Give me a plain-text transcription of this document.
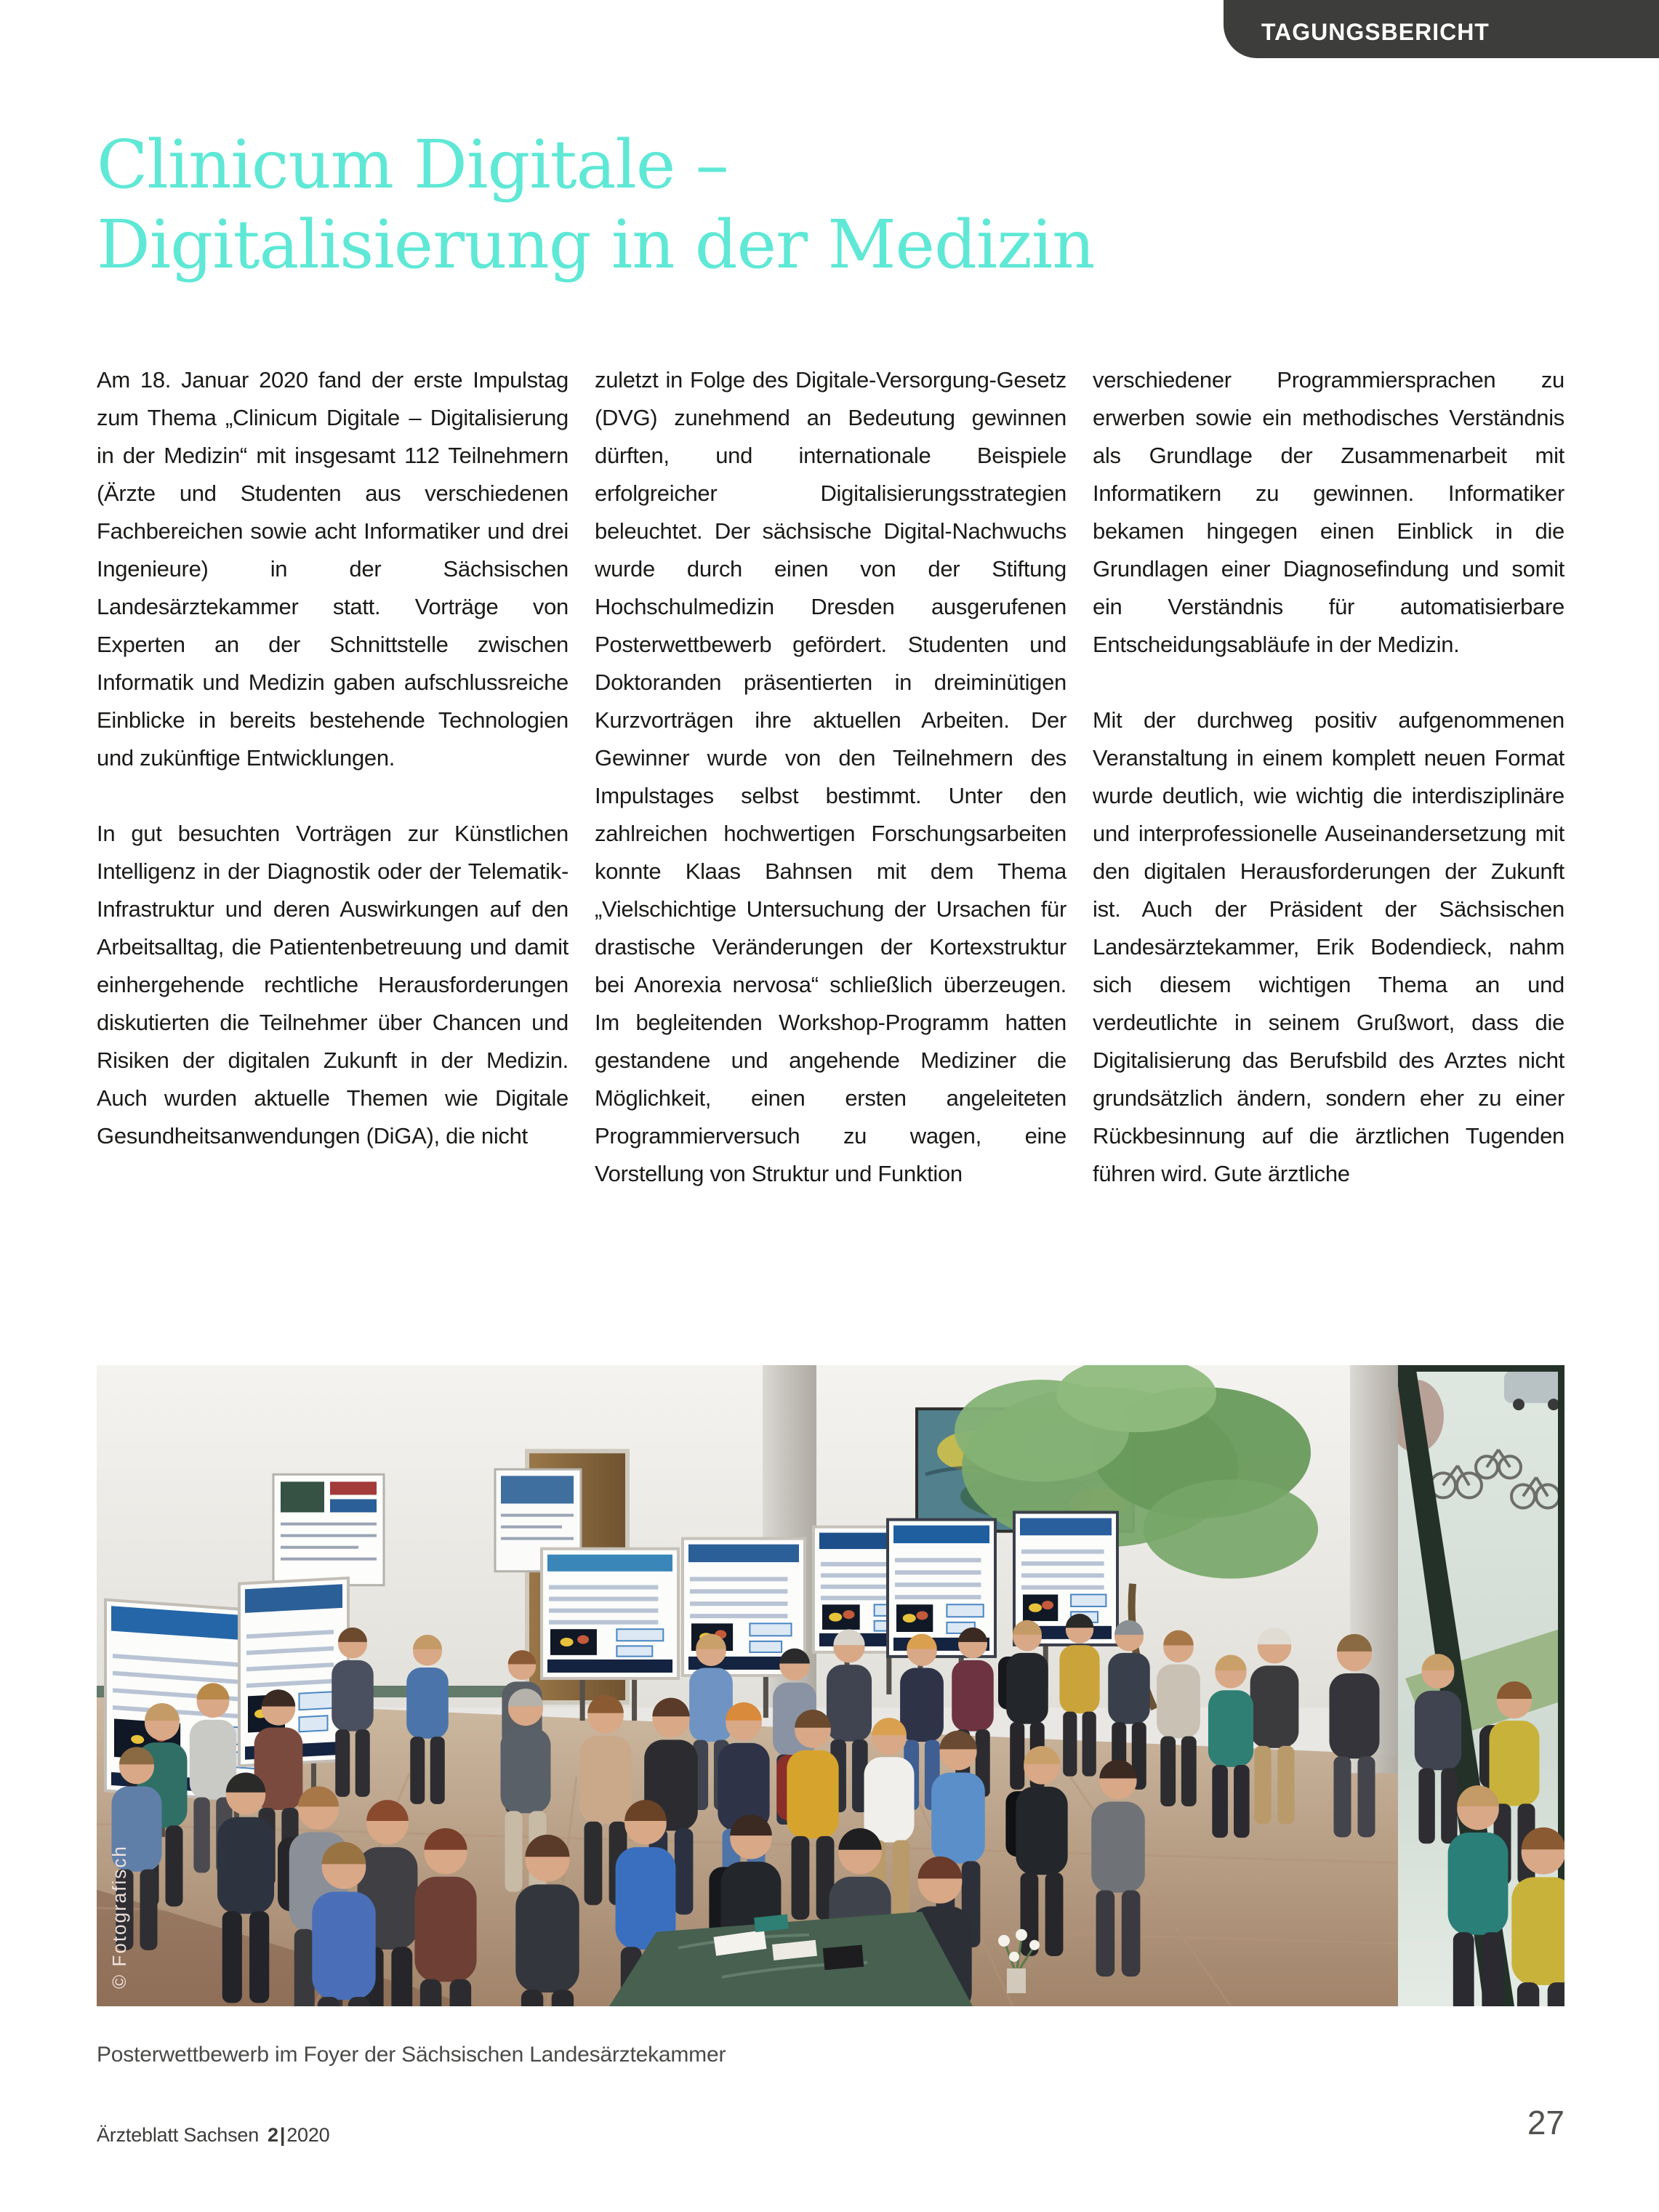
TAGUNGSBERICHT
Clinicum Digitale –
Digitalisierung in der Medizin

Am 18. Januar 2020 fand der erste Impulstag zum Thema „Clinicum Digitale – Digitalisierung in der Medizin“ mit insgesamt 112 Teilnehmern (Ärzte und Studenten aus verschiedenen Fachbereichen sowie acht Informatiker und drei Ingenieure) in der Sächsischen Landesärztekammer statt. Vorträge von Experten an der Schnittstelle zwischen Informatik und Medizin gaben aufschlussreiche Einblicke in bereits bestehende Technologien und zukünftige Entwicklungen.

In gut besuchten Vorträgen zur Künstlichen Intelligenz in der Diagnostik oder der Telematik-Infrastruktur und deren Auswirkungen auf den Arbeitsalltag, die Patientenbetreuung und damit einhergehende rechtliche Herausforderungen diskutierten die Teilnehmer über Chancen und Risiken der digitalen Zukunft in der Medizin. Auch wurden aktuelle Themen wie Digitale Gesundheitsanwendungen (DiGA), die nicht

zuletzt in Folge des Digitale-Versorgung-Gesetz (DVG) zunehmend an Bedeutung gewinnen dürften, und internationale Beispiele erfolgreicher Digitalisierungsstrategien beleuchtet. Der sächsische Digital-Nachwuchs wurde durch einen von der Stiftung Hochschulmedizin Dresden ausgerufenen Posterwettbewerb gefördert. Studenten und Doktoranden präsentierten in dreiminütigen Kurzvorträgen ihre aktuellen Arbeiten. Der Gewinner wurde von den Teilnehmern des Impulstages selbst bestimmt. Unter den zahlreichen hochwertigen Forschungsarbeiten konnte Klaas Bahnsen mit dem Thema „Vielschichtige Untersuchung der Ursachen für drastische Veränderungen der Kortexstruktur bei Anorexia nervosa“ schließlich überzeugen. Im begleitenden Workshop-Programm hatten gestandene und angehende Mediziner die Möglichkeit, einen ersten angeleiteten Programmierversuch zu wagen, eine Vorstellung von Struktur und Funktion

verschiedener Programmiersprachen zu erwerben sowie ein methodisches Verständnis als Grundlage der Zusammenarbeit mit Informatikern zu gewinnen. Informatiker bekamen hingegen einen Einblick in die Grundlagen einer Diagnosefindung und somit ein Verständnis für automatisierbare Entscheidungsabläufe in der Medizin.

Mit der durchweg positiv aufgenommenen Veranstaltung in einem komplett neuen Format wurde deutlich, wie wichtig die interdisziplinäre und interprofessionelle Auseinandersetzung mit den digitalen Herausforderungen der Zukunft ist. Auch der Präsident der Sächsischen Landesärztekammer, Erik Bodendieck, nahm sich diesem wichtigen Thema an und verdeutlichte in seinem Grußwort, dass die Digitalisierung das Berufsbild des Arztes nicht grundsätzlich ändern, sondern eher zu einer Rückbesinnung auf die ärztlichen Tugenden führen wird. Gute ärztliche

© Fotografisch

Posterwettbewerb im Foyer der Sächsischen Landesärztekammer

Ärzteblatt Sachsen 2|2020	27
